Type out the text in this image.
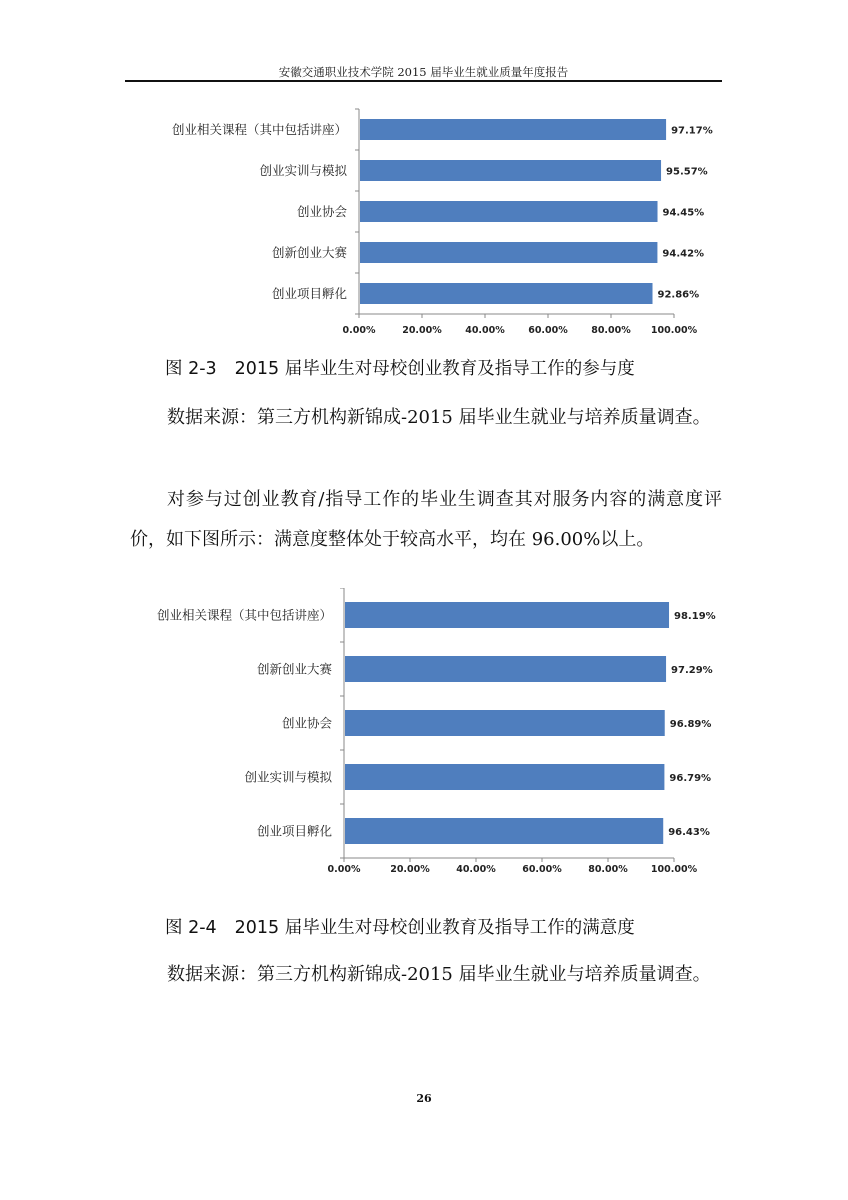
安徽交通职业技术学院 2015 届毕业生就业质量年度报告
创业相关课程（其中包括讲座）	97.17%
创业实训与模拟	95.57%
创业协会	94.45%
创新创业大赛	94.42%
创业项目孵化	92.86%
0.00%	20.00% 40.00% 60.00% 80.00% 100.00%
图 2-3 2015 届毕业生对母校创业教育及指导工作的参与度
数据来源：第三方机构新锦成-2015 届毕业生就业与培养质量调查。
对参与过创业教育/指导工作的毕业生调查其对服务内容的满意度评价，如下图所示：满意度整体处于较高水平，均在 96.00%以上。
创业相关课程（其中包括讲座）	98.19%
创新创业大赛	97.29%
创业协会	96.89%
创业实训与模拟	96.79%
创业项目孵化	96.43%
0.00%	20.00%	40.00%	60.00%	80.00% 100.00%
图 2-4 2015 届毕业生对母校创业教育及指导工作的满意度
数据来源：第三方机构新锦成-2015 届毕业生就业与培养质量调查。
26
